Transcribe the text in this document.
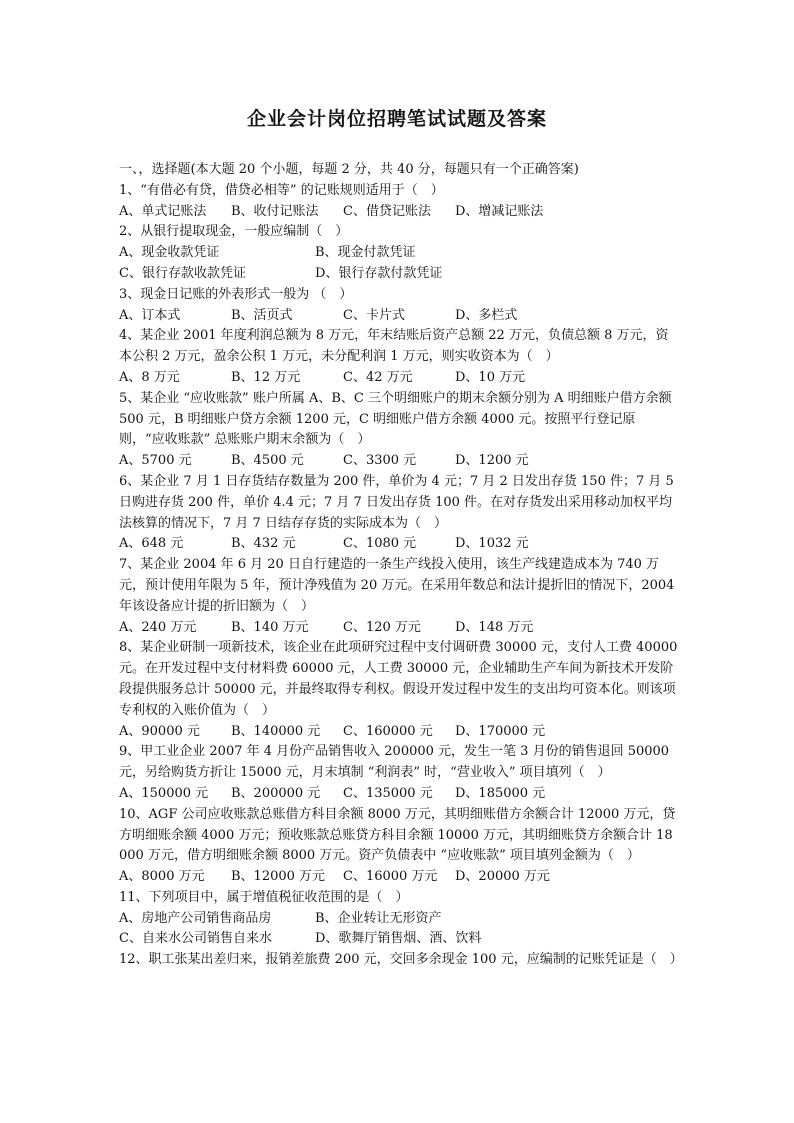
企业会计岗位招聘笔试试题及答案
一、，选择题(本大题 20 个小题，每题 2 分，共 40 分，每题只有一个正确答案)
1、“有借必有贷，借贷必相等” 的记账规则适用于（　）
A、单式记账法 B、收付记账法 C、借贷记账法 D、增减记账法
2、从银行提取现金，一般应编制（　）
A、现金收款凭证	B、现金付款凭证
C、银行存款收款凭证	D、银行存款付款凭证
3、现金日记账的外表形式一般为 （　）
A、订本式	B、活页式	C、卡片式	D、多栏式
4、某企业 2001 年度利润总额为 8 万元，年末结账后资产总额 22 万元，负债总额 8 万元，资本公积 2 万元，盈余公积 1 万元，未分配利润 1 万元，则实收资本为（　）
A、8 万元	B、12 万元	C、42 万元	D、10 万元
5、某企业 “应收账款” 账户所属 A、B、C 三个明细账户的期末余额分别为 A 明细账户借方余额 500 元，B 明细账户贷方余额 1200 元，C 明细账户借方余额 4000 元。按照平行登记原则，“应收账款” 总账账户期末余额为（　）
A、5700 元	B、4500 元	C、3300 元	D、1200 元
6、某企业 7 月 1 日存货结存数量为 200 件，单价为 4 元；7 月 2 日发出存货 150 件；7 月 5 日购进存货 200 件，单价 4.4 元；7 月 7 日发出存货 100 件。在对存货发出采用移动加权平均法核算的情况下，7 月 7 日结存存货的实际成本为（　）
A、648 元	B、432 元	C、1080 元	D、1032 元
7、某企业 2004 年 6 月 20 日自行建造的一条生产线投入使用，该生产线建造成本为 740 万元，预计使用年限为 5 年，预计净残值为 20 万元。在采用年数总和法计提折旧的情况下，2004 年该设备应计提的折旧额为（　）
A、240 万元	B、140 万元	C、120 万元	D、148 万元
8、某企业研制一项新技术，该企业在此项研究过程中支付调研费 30000 元，支付人工费 40000 元。在开发过程中支付材料费 60000 元，人工费 30000 元，企业辅助生产车间为新技术开发阶段提供服务总计 50000 元，并最终取得专利权。假设开发过程中发生的支出均可资本化。则该项专利权的入账价值为（　）
A、90000 元 B、140000 元 C、160000 元 D、170000 元
9、甲工业企业 2007 年 4 月份产品销售收入 200000 元，发生一笔 3 月份的销售退回 50000 元，另给购货方折让 15000 元，月末填制 “利润表” 时，“营业收入” 项目填列（　）
A、150000 元 B、200000 元 C、135000 元 D、185000 元
10、AGF 公司应收账款总账借方科目余额 8000 万元，其明细账借方余额合计 12000 万元，贷方明细账余额 4000 万元；预收账款总账贷方科目余额 10000 万元，其明细账贷方余额合计 18000 万元，借方明细账余额 8000 万元。资产负债表中 “应收账款” 项目填列金额为（　）
A、8000 万元 B、12000 万元 C、16000 万元 D、20000 万元
11、下列项目中，属于增值税征收范围的是（　）
A、房地产公司销售商品房	B、企业转让无形资产
C、自来水公司销售自来水	D、歌舞厅销售烟、酒、饮料
12、职工张某出差归来，报销差旅费 200 元，交回多余现金 100 元，应编制的记账凭证是（　）
